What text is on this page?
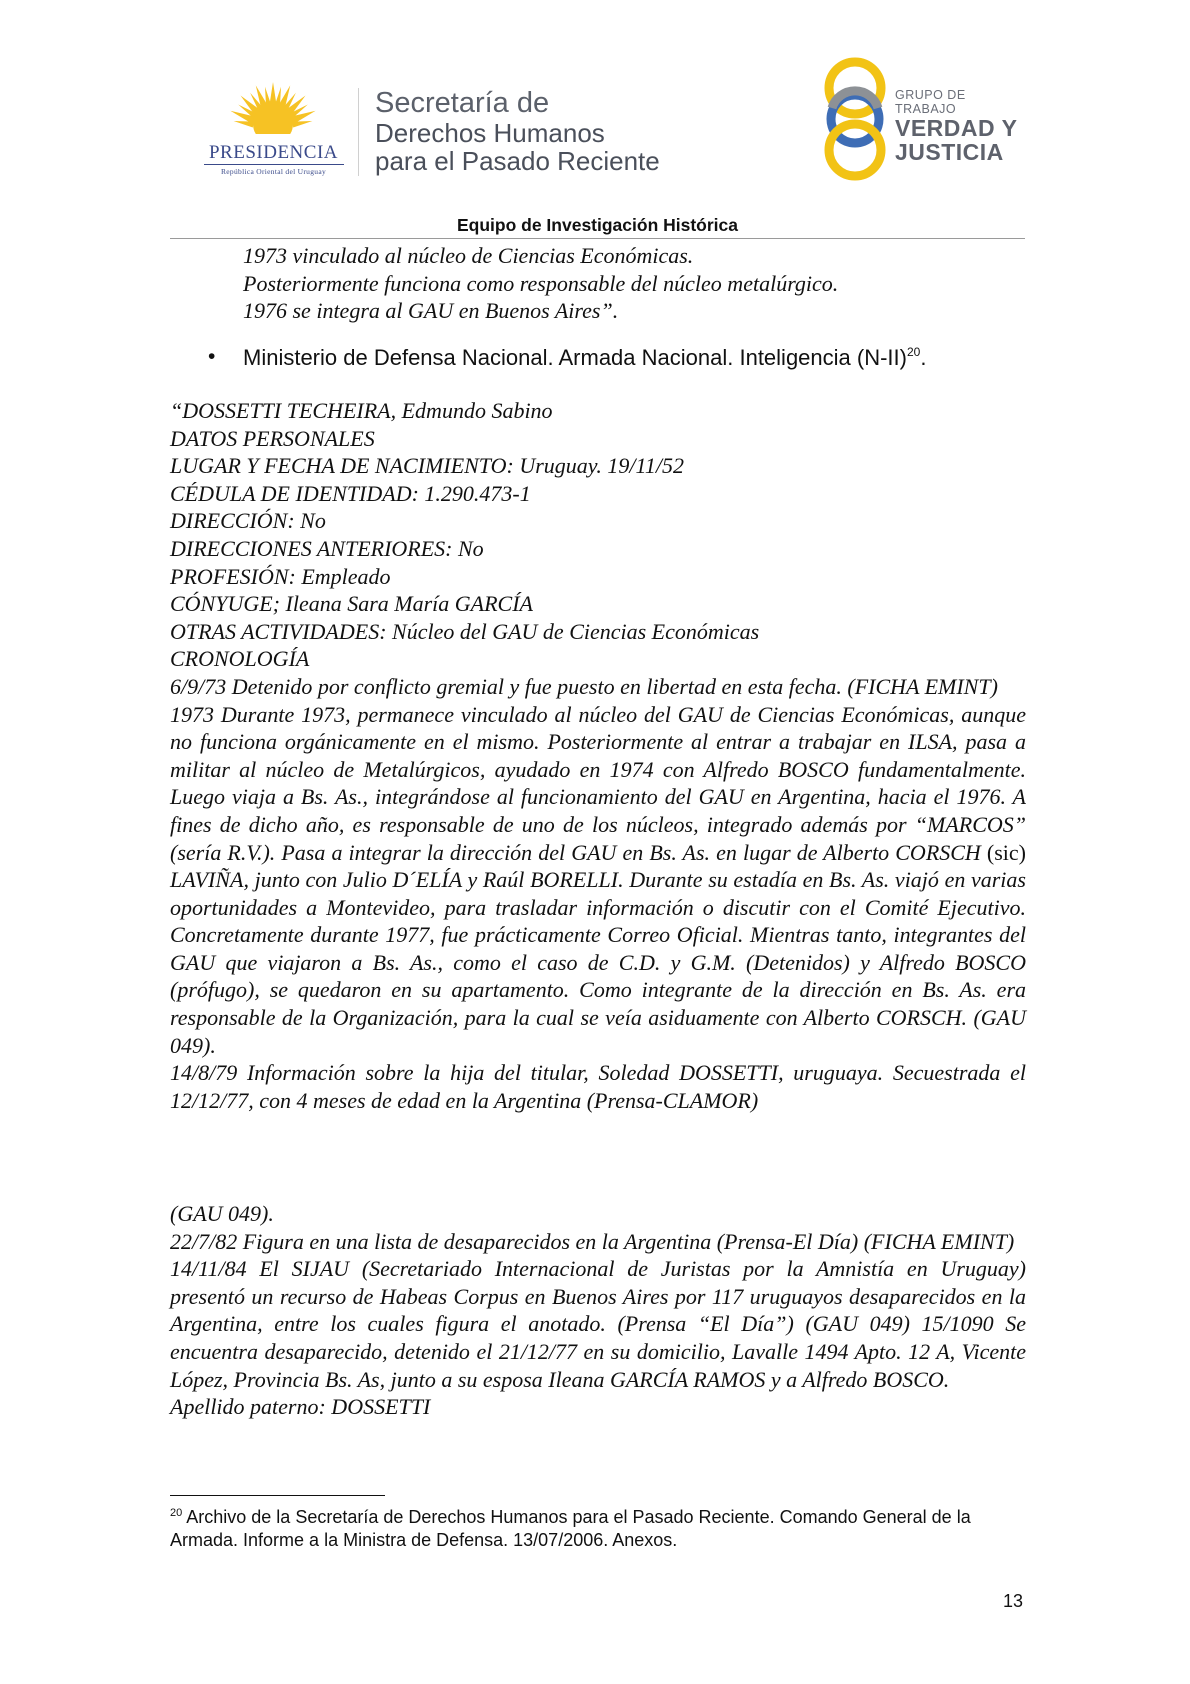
PRESIDENCIA
República Oriental del Uruguay
Secretaría de
Derechos Humanos
para el Pasado Reciente
GRUPO DE TRABAJO
VERDAD Y
JUSTICIA
Equipo de Investigación Histórica
1973 vinculado al núcleo de Ciencias Económicas.
Posteriormente funciona como responsable del núcleo metalúrgico.
1976 se integra al GAU en Buenos Aires”.
• Ministerio de Defensa Nacional. Armada Nacional. Inteligencia $(N-II)^{20}$.

“DOSSETTI TECHEIRA, Edmundo Sabino

DATOS PERSONALES

LUGAR Y FECHA DE NACIMIENTO: Uruguay. 19/11/52

CÉDULA DE IDENTIDAD: 1.290.473-1

DIRECCIÓN: No

DIRECCIONES ANTERIORES: No

PROFESIÓN: Empleado

CÓNYUGE; Ileana Sara María GARCÍA

OTRAS ACTIVIDADES: Núcleo del GAU de Ciencias Económicas

CRONOLOGÍA

6/9/73 Detenido por conflicto gremial y fue puesto en libertad en esta fecha. (FICHA EMINT)

1973 Durante 1973, permanece vinculado al núcleo del GAU de Ciencias Económicas, aunque no funciona orgánicamente en el mismo. Posteriormente al entrar a trabajar en ILSA, pasa a militar al núcleo de Metalúrgicos, ayudado en 1974 con Alfredo BOSCO fundamentalmente. Luego viaja a Bs. As., integrándose al funcionamiento del GAU en Argentina, hacia el 1976. A fines de dicho año, es responsable de uno de los núcleos, integrado además por “MARCOS” (sería R.V.). Pasa a integrar la dirección del GAU en Bs. As. en lugar de Alberto CORSCH (sic) LAVIÑA, junto con Julio D´ELÍA y Raúl BORELLI. Durante su estadía en Bs. As. viajó en varias oportunidades a Montevideo, para trasladar información o discutir con el Comité Ejecutivo. Concretamente durante 1977, fue prácticamente Correo Oficial. Mientras tanto, integrantes del GAU que viajaron a Bs. As., como el caso de C.D. y G.M. (Detenidos) y Alfredo BOSCO (prófugo), se quedaron en su apartamento. Como integrante de la dirección en Bs. As. era responsable de la Organización, para la cual se veía asiduamente con Alberto CORSCH. (GAU 049).

14/8/79 Información sobre la hija del titular, Soledad DOSSETTI, uruguaya. Secuestrada el 12/12/77, con 4 meses de edad en la Argentina (Prensa-CLAMOR)

(GAU 049).

22/7/82 Figura en una lista de desaparecidos en la Argentina (Prensa-El Día) (FICHA EMINT)

14/11/84 El SIJAU (Secretariado Internacional de Juristas por la Amnistía en Uruguay) presentó un recurso de Habeas Corpus en Buenos Aires por 117 uruguayos desaparecidos en la Argentina, entre los cuales figura el anotado. (Prensa “El Día”) (GAU 049) 15/1090 Se encuentra desaparecido, detenido el 21/12/77 en su domicilio, Lavalle 1494 Apto. 12 A, Vicente López, Provincia Bs. As, junto a su esposa Ileana GARCÍA RAMOS y a Alfredo BOSCO.

Apellido paterno: DOSSETTI

$^{20}$ Archivo de la Secretaría de Derechos Humanos para el Pasado Reciente. Comando General de la Armada. Informe a la Ministra de Defensa. 13/07/2006. Anexos.
13
